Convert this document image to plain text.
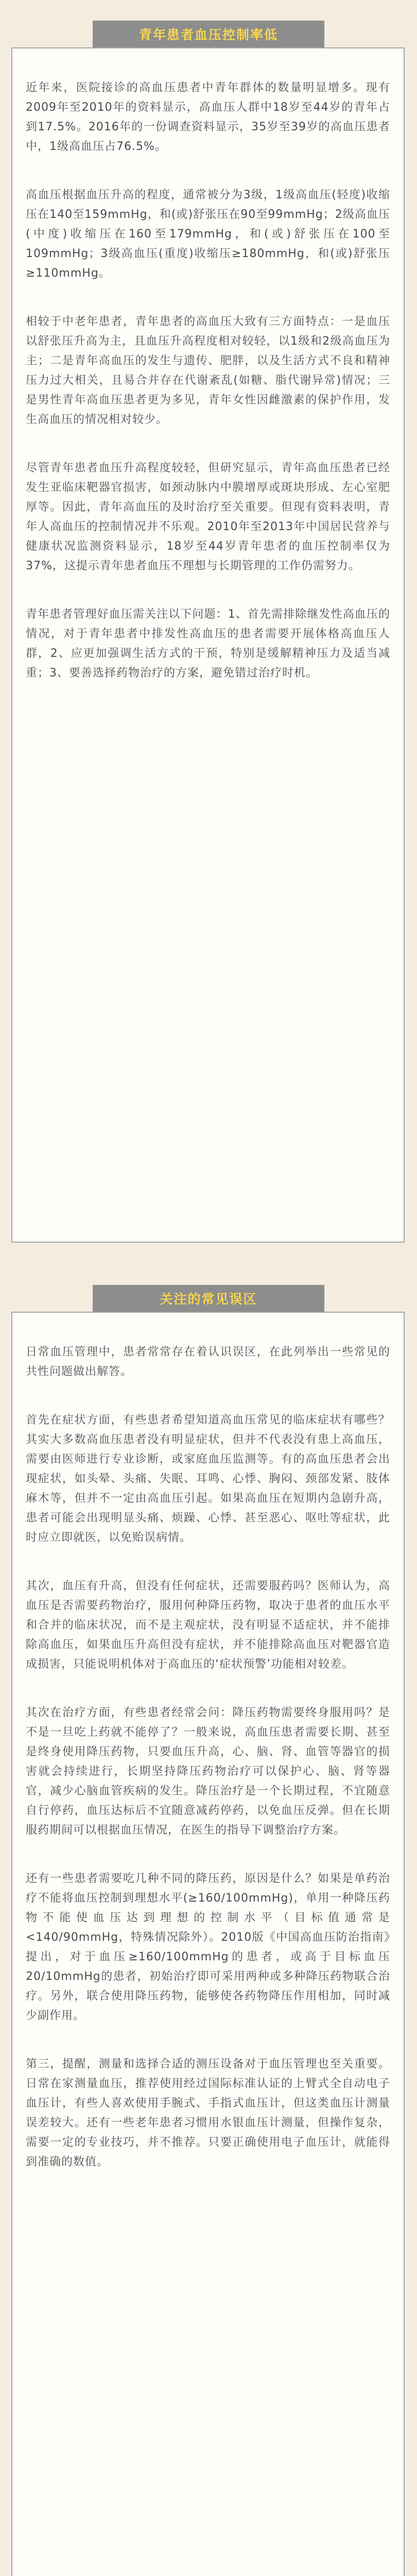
青年患者血压控制率低

近年来，医院接诊的高血压患者中青年群体的数量明显增多。现有2009年至2010年的资料显示，高血压人群中18岁至44岁的青年占到17.5%。2016年的一份调查资料显示，35岁至39岁的高血压患者中，1级高血压占76.5%。

高血压根据血压升高的程度，通常被分为3级，1级高血压(轻度)收缩压在140至159mmHg，和(或)舒张压在90至99mmHg；2级高血压(中度)收缩压在160至179mmHg，和(或)舒张压在100至109mmHg；3级高血压(重度)收缩压≥180mmHg，和(或)舒张压≥110mmHg。

相较于中老年患者，青年患者的高血压大致有三方面特点：一是血压以舒张压升高为主，且血压升高程度相对较轻，以1级和2级高血压为主；二是青年高血压的发生与遗传、肥胖，以及生活方式不良和精神压力过大相关，且易合并存在代谢紊乱(如糖、脂代谢异常)情况；三是男性青年高血压患者更为多见，青年女性因雌激素的保护作用，发生高血压的情况相对较少。

尽管青年患者血压升高程度较轻，但研究显示，青年高血压患者已经发生亚临床靶器官损害，如颈动脉内中膜增厚或斑块形成、左心室肥厚等。因此，青年高血压的及时治疗至关重要。但现有资料表明，青年人高血压的控制情况并不乐观。2010年至2013年中国居民营养与健康状况监测资料显示，18岁至44岁青年患者的血压控制率仅为37%，这提示青年患者血压不理想与长期管理的工作仍需努力。

青年患者管理好血压需关注以下问题：1、首先需排除继发性高血压的情况，对于青年患者中排发性高血压的患者需要开展体格高血压人群，2、应更加强调生活方式的干预，特别是缓解精神压力及适当减重；3、要善选择药物治疗的方案，避免错过治疗时机。

关注的常见误区

日常血压管理中，患者常常存在着认识误区，在此列举出一些常见的共性问题做出解答。

首先在症状方面，有些患者希望知道高血压常见的临床症状有哪些？其实大多数高血压患者没有明显症状，但并不代表没有患上高血压，需要由医师进行专业诊断，或家庭血压监测等。有的高血压患者会出现症状，如头晕、头痛、失眠、耳鸣、心悸、胸闷、颈部发紧、肢体麻木等，但并不一定由高血压引起。如果高血压在短期内急剧升高，患者可能会出现明显头痛、烦躁、心悸、甚至恶心、呕吐等症状，此时应立即就医，以免贻误病情。

其次，血压有升高，但没有任何症状，还需要服药吗？医师认为，高血压是否需要药物治疗，服用何种降压药物，取决于患者的血压水平和合并的临床状况，而不是主观症状，没有明显不适症状，并不能排除高血压，如果血压升高但没有症状，并不能排除高血压对靶器官造成损害，只能说明机体对于高血压的‘症状预警’功能相对较差。

其次在治疗方面，有些患者经常会问：降压药物需要终身服用吗？是不是一旦吃上药就不能停了？一般来说，高血压患者需要长期、甚至是终身使用降压药物，只要血压升高，心、脑、肾、血管等器官的损害就会持续进行，长期坚持降压药物治疗可以保护心、脑、肾等器官，减少心脑血管疾病的发生。降压治疗是一个长期过程，不宜随意自行停药，血压达标后不宜随意减药停药，以免血压反弹。但在长期服药期间可以根据血压情况，在医生的指导下调整治疗方案。

还有一些患者需要吃几种不同的降压药，原因是什么？如果是单药治疗不能将血压控制到理想水平(≥160/100mmHg)，单用一种降压药物不能使血压达到理想的控制水平（目标值通常是<140/90mmHg，特殊情况除外）。2010版《中国高血压防治指南》提出，对于血压≥160/100mmHg的患者，或高于目标血压20/10mmHg的患者，初始治疗即可采用两种或多种降压药物联合治疗。另外，联合使用降压药物，能够使各药物降压作用相加，同时减少副作用。

第三，提醒，测量和选择合适的测压设备对于血压管理也至关重要。日常在家测量血压，推荐使用经过国际标准认证的上臂式全自动电子血压计，有些人喜欢使用手腕式、手指式血压计，但这类血压计测量误差较大。还有一些老年患者习惯用水银血压计测量，但操作复杂，需要一定的专业技巧，并不推荐。只要正确使用电子血压计，就能得到准确的数值。
